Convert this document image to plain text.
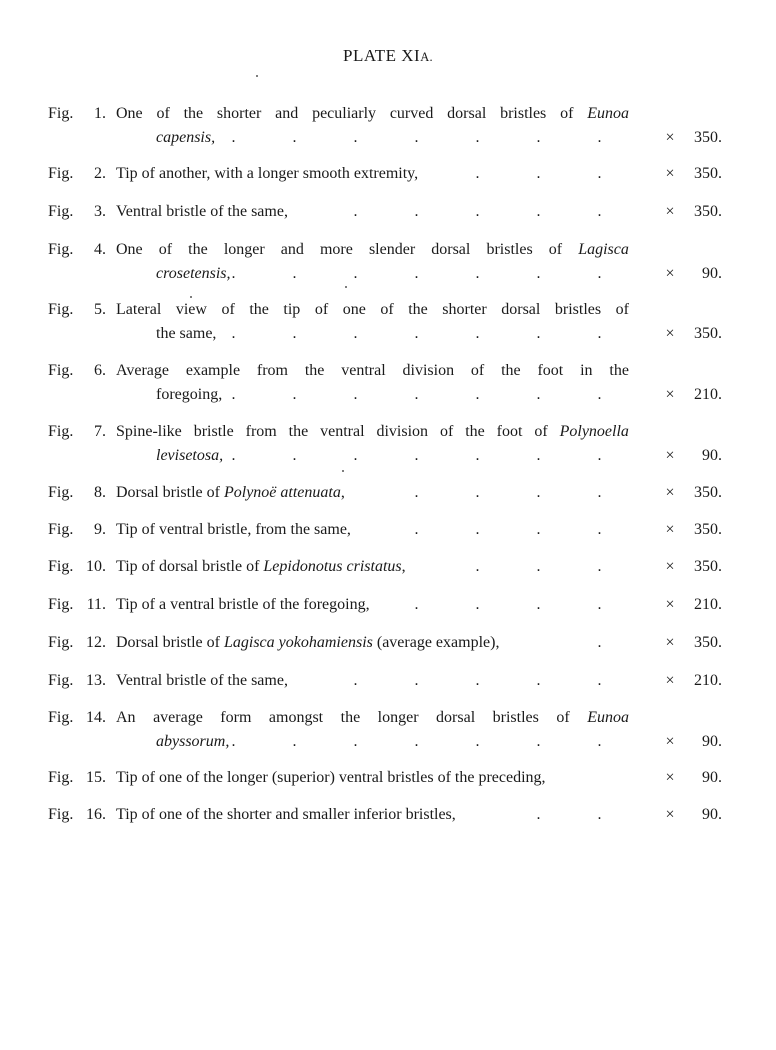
PLATE XIA.
Fig. 1. One of the shorter and peculiarly curved dorsal bristles of Eunoa
capensis,	.	.	.	.	.	.	.	× 350.
Fig. 2. Tip of another, with a longer smooth extremity,	.	.	.	× 350.
Fig. 3. Ventral bristle of the same,	.	.	.	.	.	× 350.
Fig. 4. One of the longer and more slender dorsal bristles of Lagisca
crosetensis, .	.	.	.	.	.	.	× 90.
Fig. 5. Lateral view of the tip of one of the shorter dorsal bristles of
the same, .	.	.	.	.	.	.	× 350.
Fig. 6. Average example from the ventral division of the foot in the
foregoing, .	.	.	.	.	.	.	× 210.
Fig. 7. Spine-like bristle from the ventral division of the foot of Polynoella
levisetosa, .	.	.	.	.	.	.	× 90.
Fig. 8. Dorsal bristle of Polynoë attenuata,	.	.	.	.	× 350.
Fig. 9. Tip of ventral bristle, from the same,	.	.	.	.	× 350.
Fig. 10. Tip of dorsal bristle of Lepidonotus cristatus,	.	.	.	× 350.
Fig. 11. Tip of a ventral bristle of the foregoing,	.	.	.	.	× 210.
Fig. 12. Dorsal bristle of Lagisca yokohamiensis (average example),	.	× 350.
Fig. 13. Ventral bristle of the same,	.	.	.	.	.	× 210.
Fig. 14. An average form amongst the longer dorsal bristles of Eunoa
abyssorum, .	.	.	.	.	.	.	× 90.
Fig. 15. Tip of one of the longer (superior) ventral bristles of the preceding,	× 90.
Fig. 16. Tip of one of the shorter and smaller inferior bristles,	.	.	× 90.
